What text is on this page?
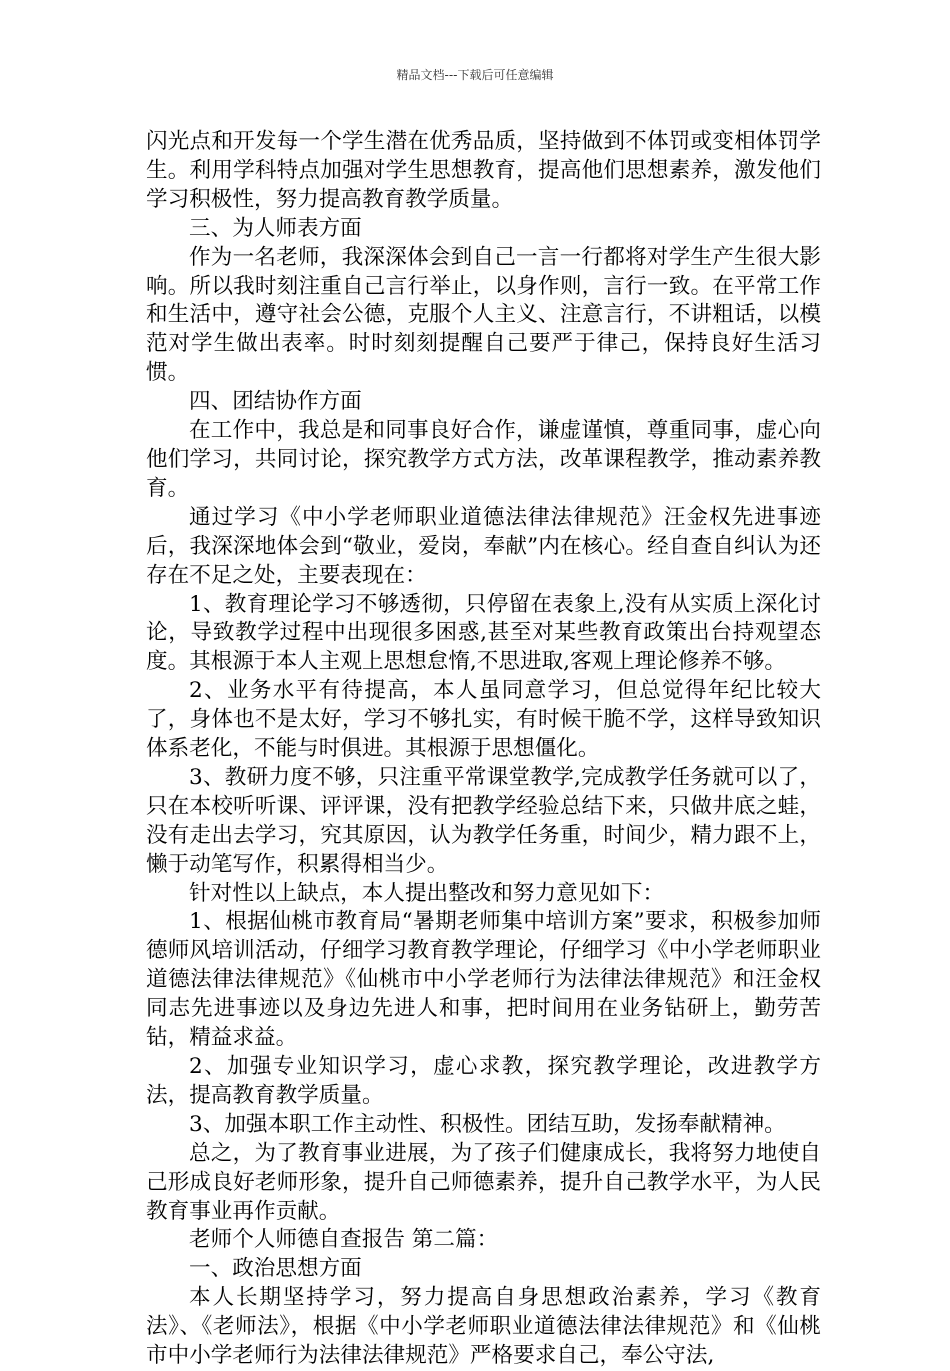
精品文档---下载后可任意编辑

闪光点和开发每一个学生潜在优秀品质，坚持做到不体罚或变相体罚学生。利用学科特点加强对学生思想教育，提高他们思想素养，激发他们学习积极性，努力提高教育教学质量。

三、为人师表方面

作为一名老师，我深深体会到自己一言一行都将对学生产生很大影响。所以我时刻注重自己言行举止，以身作则，言行一致。在平常工作和生活中，遵守社会公德，克服个人主义、注意言行，不讲粗话，以模范对学生做出表率。时时刻刻提醒自己要严于律己，保持良好生活习惯。

四、团结协作方面

在工作中，我总是和同事良好合作，谦虚谨慎，尊重同事，虚心向他们学习，共同讨论，探究教学方式方法，改革课程教学，推动素养教育。

通过学习《中小学老师职业道德法律法律规范》汪金权先进事迹后，我深深地体会到“敬业，爱岗，奉献”内在核心。经自查自纠认为还存在不足之处，主要表现在：

1、教育理论学习不够透彻，只停留在表象上,没有从实质上深化讨论，导致教学过程中出现很多困惑,甚至对某些教育政策出台持观望态度。其根源于本人主观上思想怠惰,不思进取,客观上理论修养不够。

2、业务水平有待提高，本人虽同意学习，但总觉得年纪比较大了，身体也不是太好，学习不够扎实，有时候干脆不学，这样导致知识体系老化，不能与时俱进。其根源于思想僵化。

3、教研力度不够，只注重平常课堂教学,完成教学任务就可以了，只在本校听听课、评评课，没有把教学经验总结下来，只做井底之蛙，没有走出去学习，究其原因，认为教学任务重，时间少，精力跟不上，懒于动笔写作，积累得相当少。

针对性以上缺点，本人提出整改和努力意见如下：

1、根据仙桃市教育局“暑期老师集中培训方案”要求，积极参加师德师风培训活动，仔细学习教育教学理论，仔细学习《中小学老师职业道德法律法律规范》《仙桃市中小学老师行为法律法律规范》和汪金权同志先进事迹以及身边先进人和事，把时间用在业务钻研上，勤劳苦钻，精益求益。

2、加强专业知识学习，虚心求教，探究教学理论，改进教学方法，提高教育教学质量。

3、加强本职工作主动性、积极性。团结互助，发扬奉献精神。

总之，为了教育事业进展，为了孩子们健康成长，我将努力地使自己形成良好老师形象，提升自己师德素养，提升自己教学水平，为人民教育事业再作贡献。

老师个人师德自查报告 第二篇：

一、政治思想方面

本人长期坚持学习，努力提高自身思想政治素养，学习《教育法》、《老师法》，根据《中小学老师职业道德法律法律规范》和《仙桃市中小学老师行为法律法律规范》严格要求自己，奉公守法,
